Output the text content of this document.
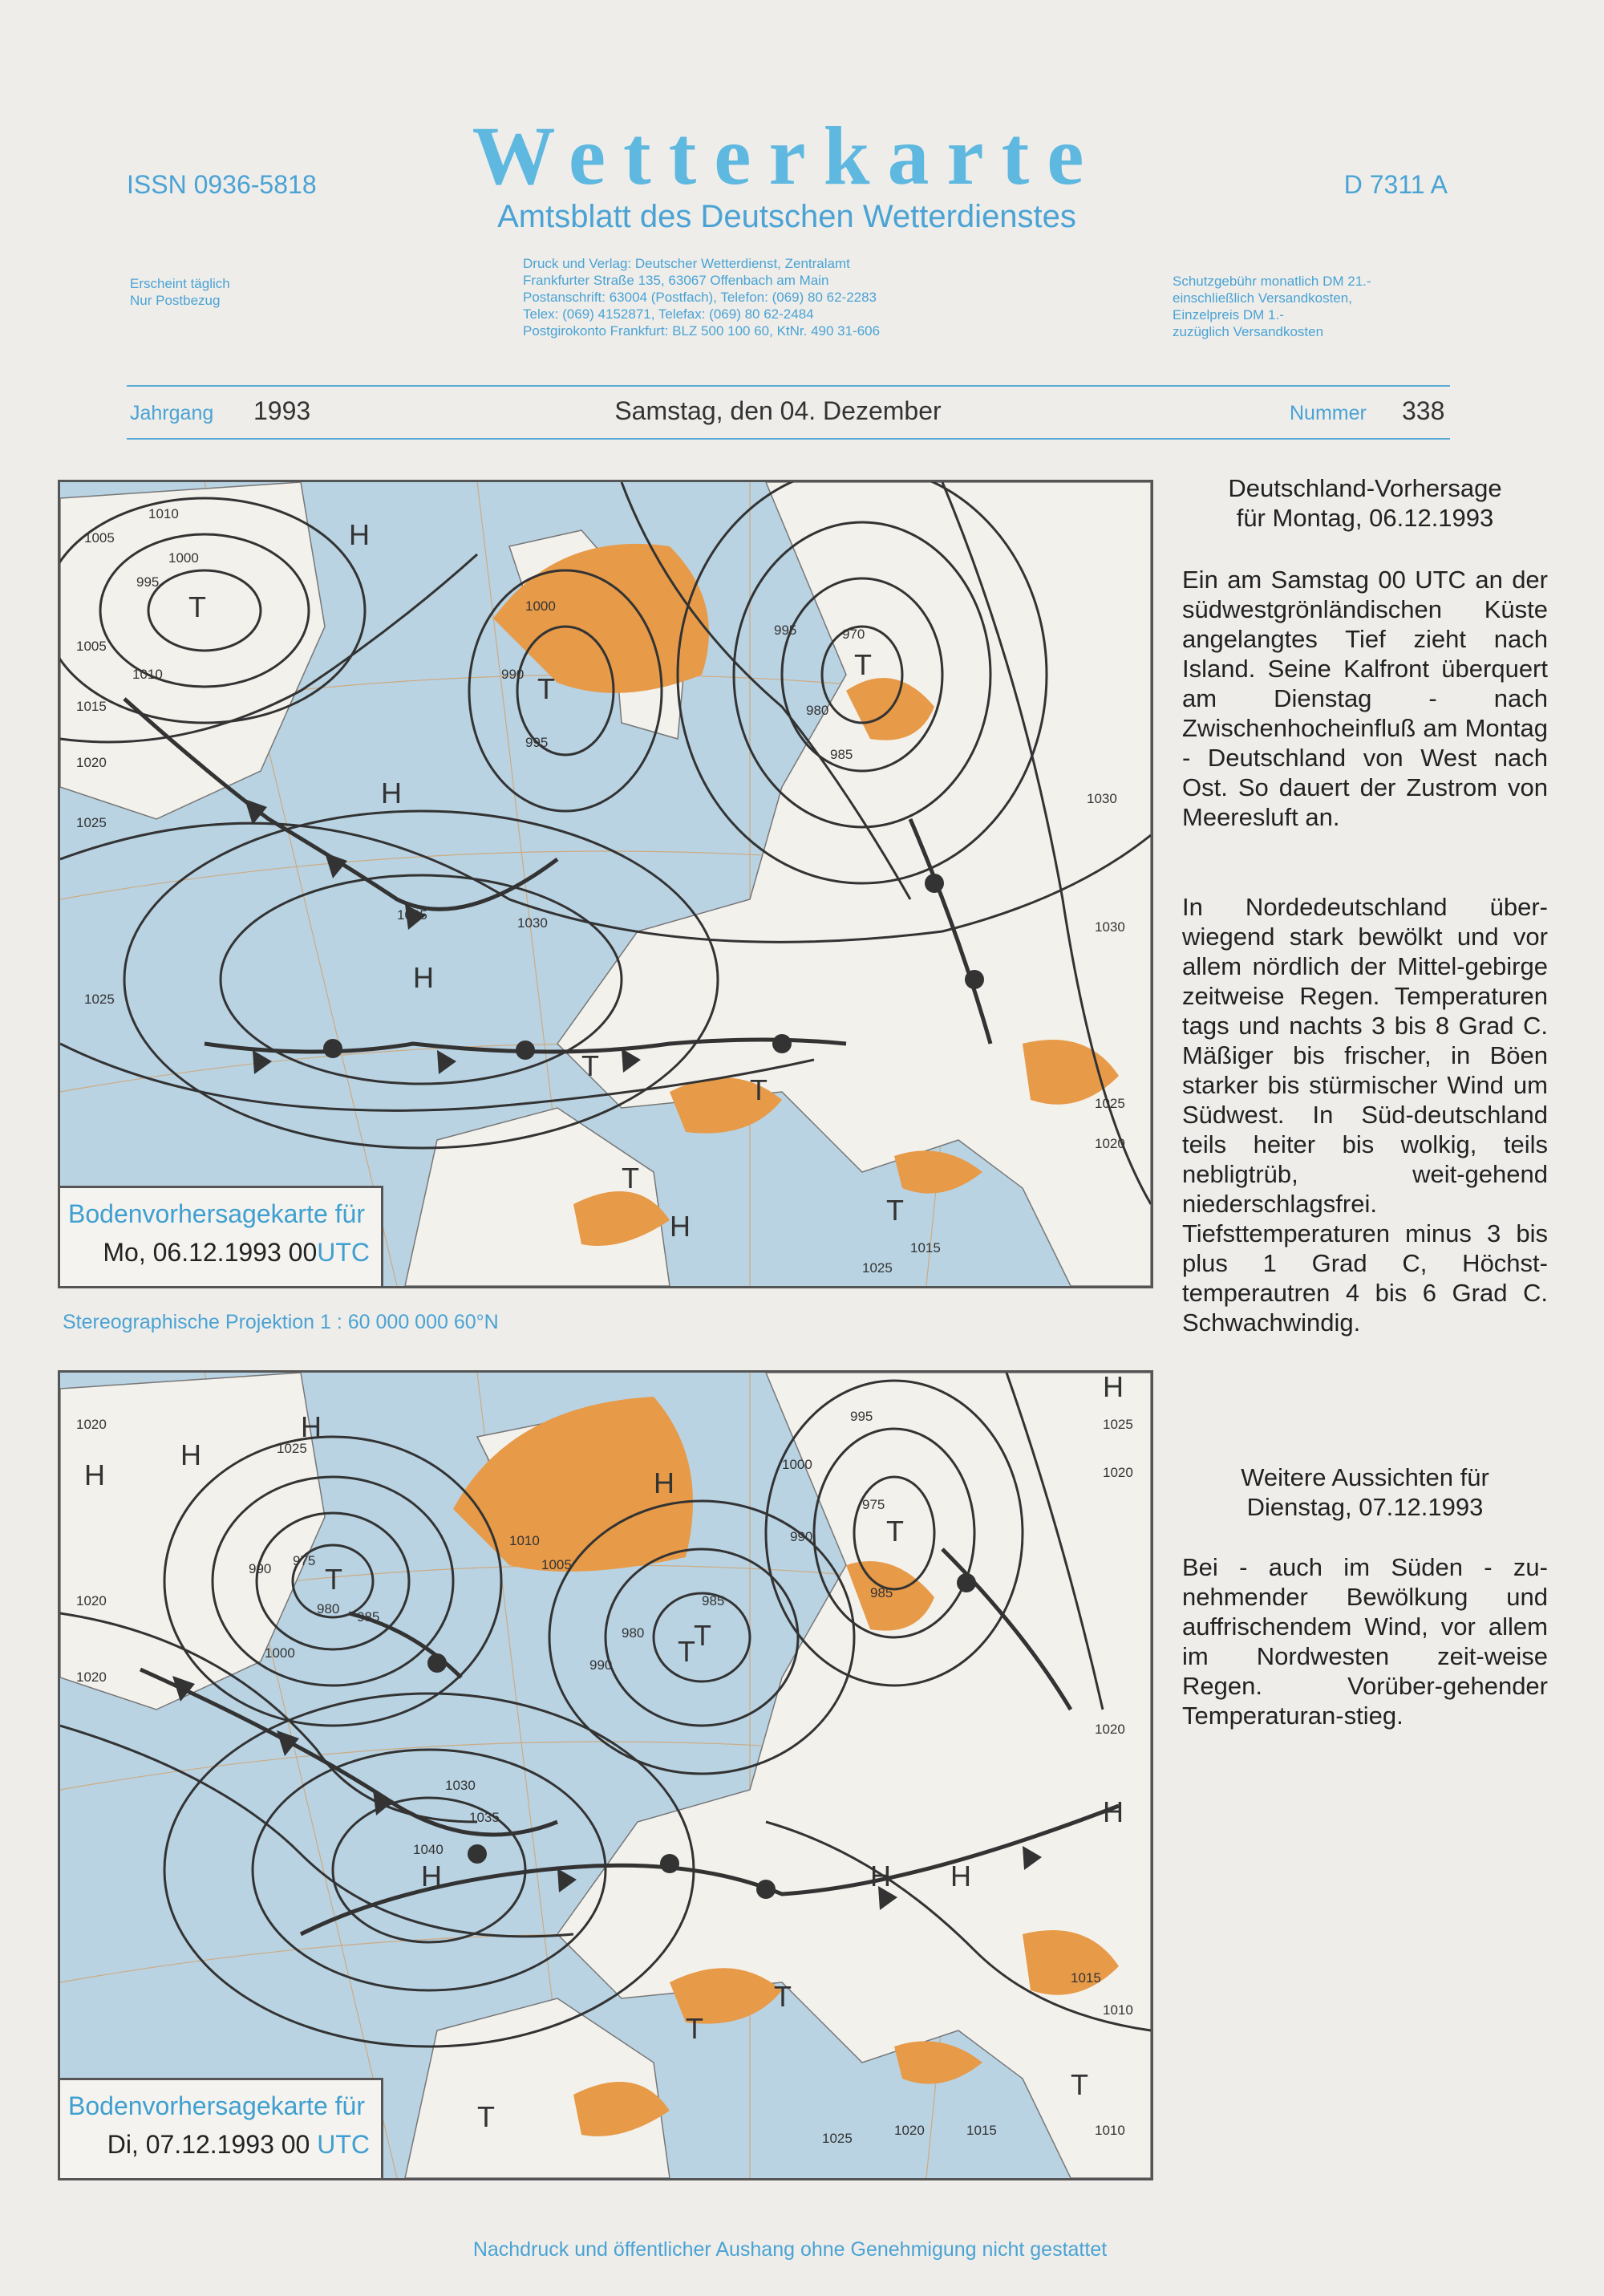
ISSN 0936-5818	Wetterkarte	D 7311 A
Amtsblatt des Deutschen Wetterdienstes
Erscheint täglich
Nur Postbezug
Druck und Verlag: Deutscher Wetterdienst, Zentralamt
Frankfurter Straße 135, 63067 Offenbach am Main
Postanschrift: 63004 (Postfach), Telefon: (069) 80 62-2283
Telex: (069) 4152871, Telefax: (069) 80 62-2484
Postgirokonto Frankfurt: BLZ 500 100 60, KtNr. 490 31-606
Schutzgebühr monatlich DM 21.-
einschließlich Versandkosten,
Einzelpreis DM 1.-
zuzüglich Versandkosten
Jahrgang 1993	Samstag, den 04. Dezember	Nummer 338
H
T
H
T
T
H
T
T
T
H	T
1010
1005
1000
995
1005
1010
1015
1020
1025
1035
1030
1025
990
995
1000
995	970
980
985
1030
1030
1025
1020
1025
1015
Bodenvorhersagekarte für
Mo, 06.12.1993 00UTC
Stereographische Projektion 1 : 60 000 000 60°N
H
H
H
T
H
T
T
T
H	H H
H
T
T
H
T
T
1020
1025
1020
1020
1010
1005
1000
975
980
985
990
985
980
990
1000
995
990
975
985
1030
1035
1040
1020
1015
1010
1025
1020
1015	1010
1020
1025
Bodenvorhersagekarte für
Di, 07.12.1993 00 UTC
Deutschland-Vorhersage
für Montag, 06.12.1993
Ein am Samstag 00 UTC an der südwestgrönländischen Küste angelangtes Tief zieht nach Island. Seine Kalfront überquert am Dienstag - nach Zwischenhocheinfluß am Montag - Deutschland von West nach Ost. So dauert der Zustrom von Meeresluft an.
In Nordedeutschland über-wiegend stark bewölkt und vor allem nördlich der Mittel-gebirge zeitweise Regen. Temperaturen tags und nachts 3 bis 8 Grad C. Mäßiger bis frischer, in Böen starker bis stürmischer Wind um Südwest. In Süd-deutschland teils heiter bis wolkig, teils nebligtrüb, weit-gehend niederschlagsfrei. Tiefsttemperaturen minus 3 bis plus 1 Grad C, Höchst-temperautren 4 bis 6 Grad C. Schwachwindig.
Weitere Aussichten für
Dienstag, 07.12.1993
Bei - auch im Süden - zu-nehmender Bewölkung und auffrischendem Wind, vor allem im Nordwesten zeit-weise Regen. Vorüber-gehender Temperaturan-stieg.
Nachdruck und öffentlicher Aushang ohne Genehmigung nicht gestattet
